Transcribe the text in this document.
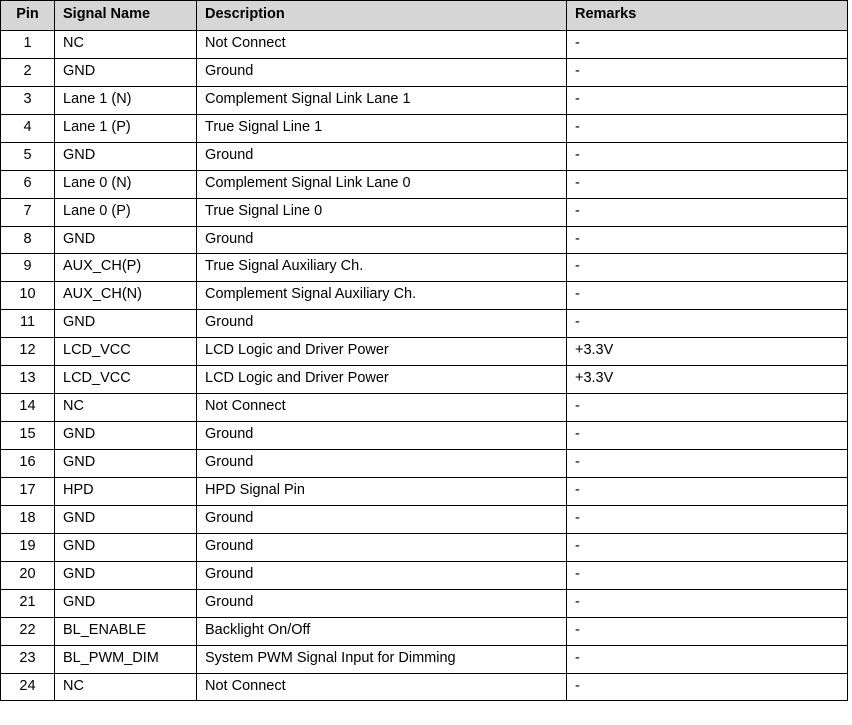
Pin	Signal Name	Description	Remarks
1	NC	Not Connect	-
2	GND	Ground	-
3	Lane 1 (N)	Complement Signal Link Lane 1	-
4	Lane 1 (P)	True Signal Line 1	-
5	GND	Ground	-
6	Lane 0 (N)	Complement Signal Link Lane 0	-
7	Lane 0 (P)	True Signal Line 0	-
8	GND	Ground	-
9	AUX_CH(P)	True Signal Auxiliary Ch.	-
10	AUX_CH(N)	Complement Signal Auxiliary Ch.	-
11	GND	Ground	-
12	LCD_VCC	LCD Logic and Driver Power	+3.3V
13	LCD_VCC	LCD Logic and Driver Power	+3.3V
14	NC	Not Connect	-
15	GND	Ground	-
16	GND	Ground	-
17	HPD	HPD Signal Pin	-
18	GND	Ground	-
19	GND	Ground	-
20	GND	Ground	-
21	GND	Ground	-
22	BL_ENABLE	Backlight On/Off	-
23	BL_PWM_DIM	System PWM Signal Input for Dimming	-
24	NC	Not Connect	-
